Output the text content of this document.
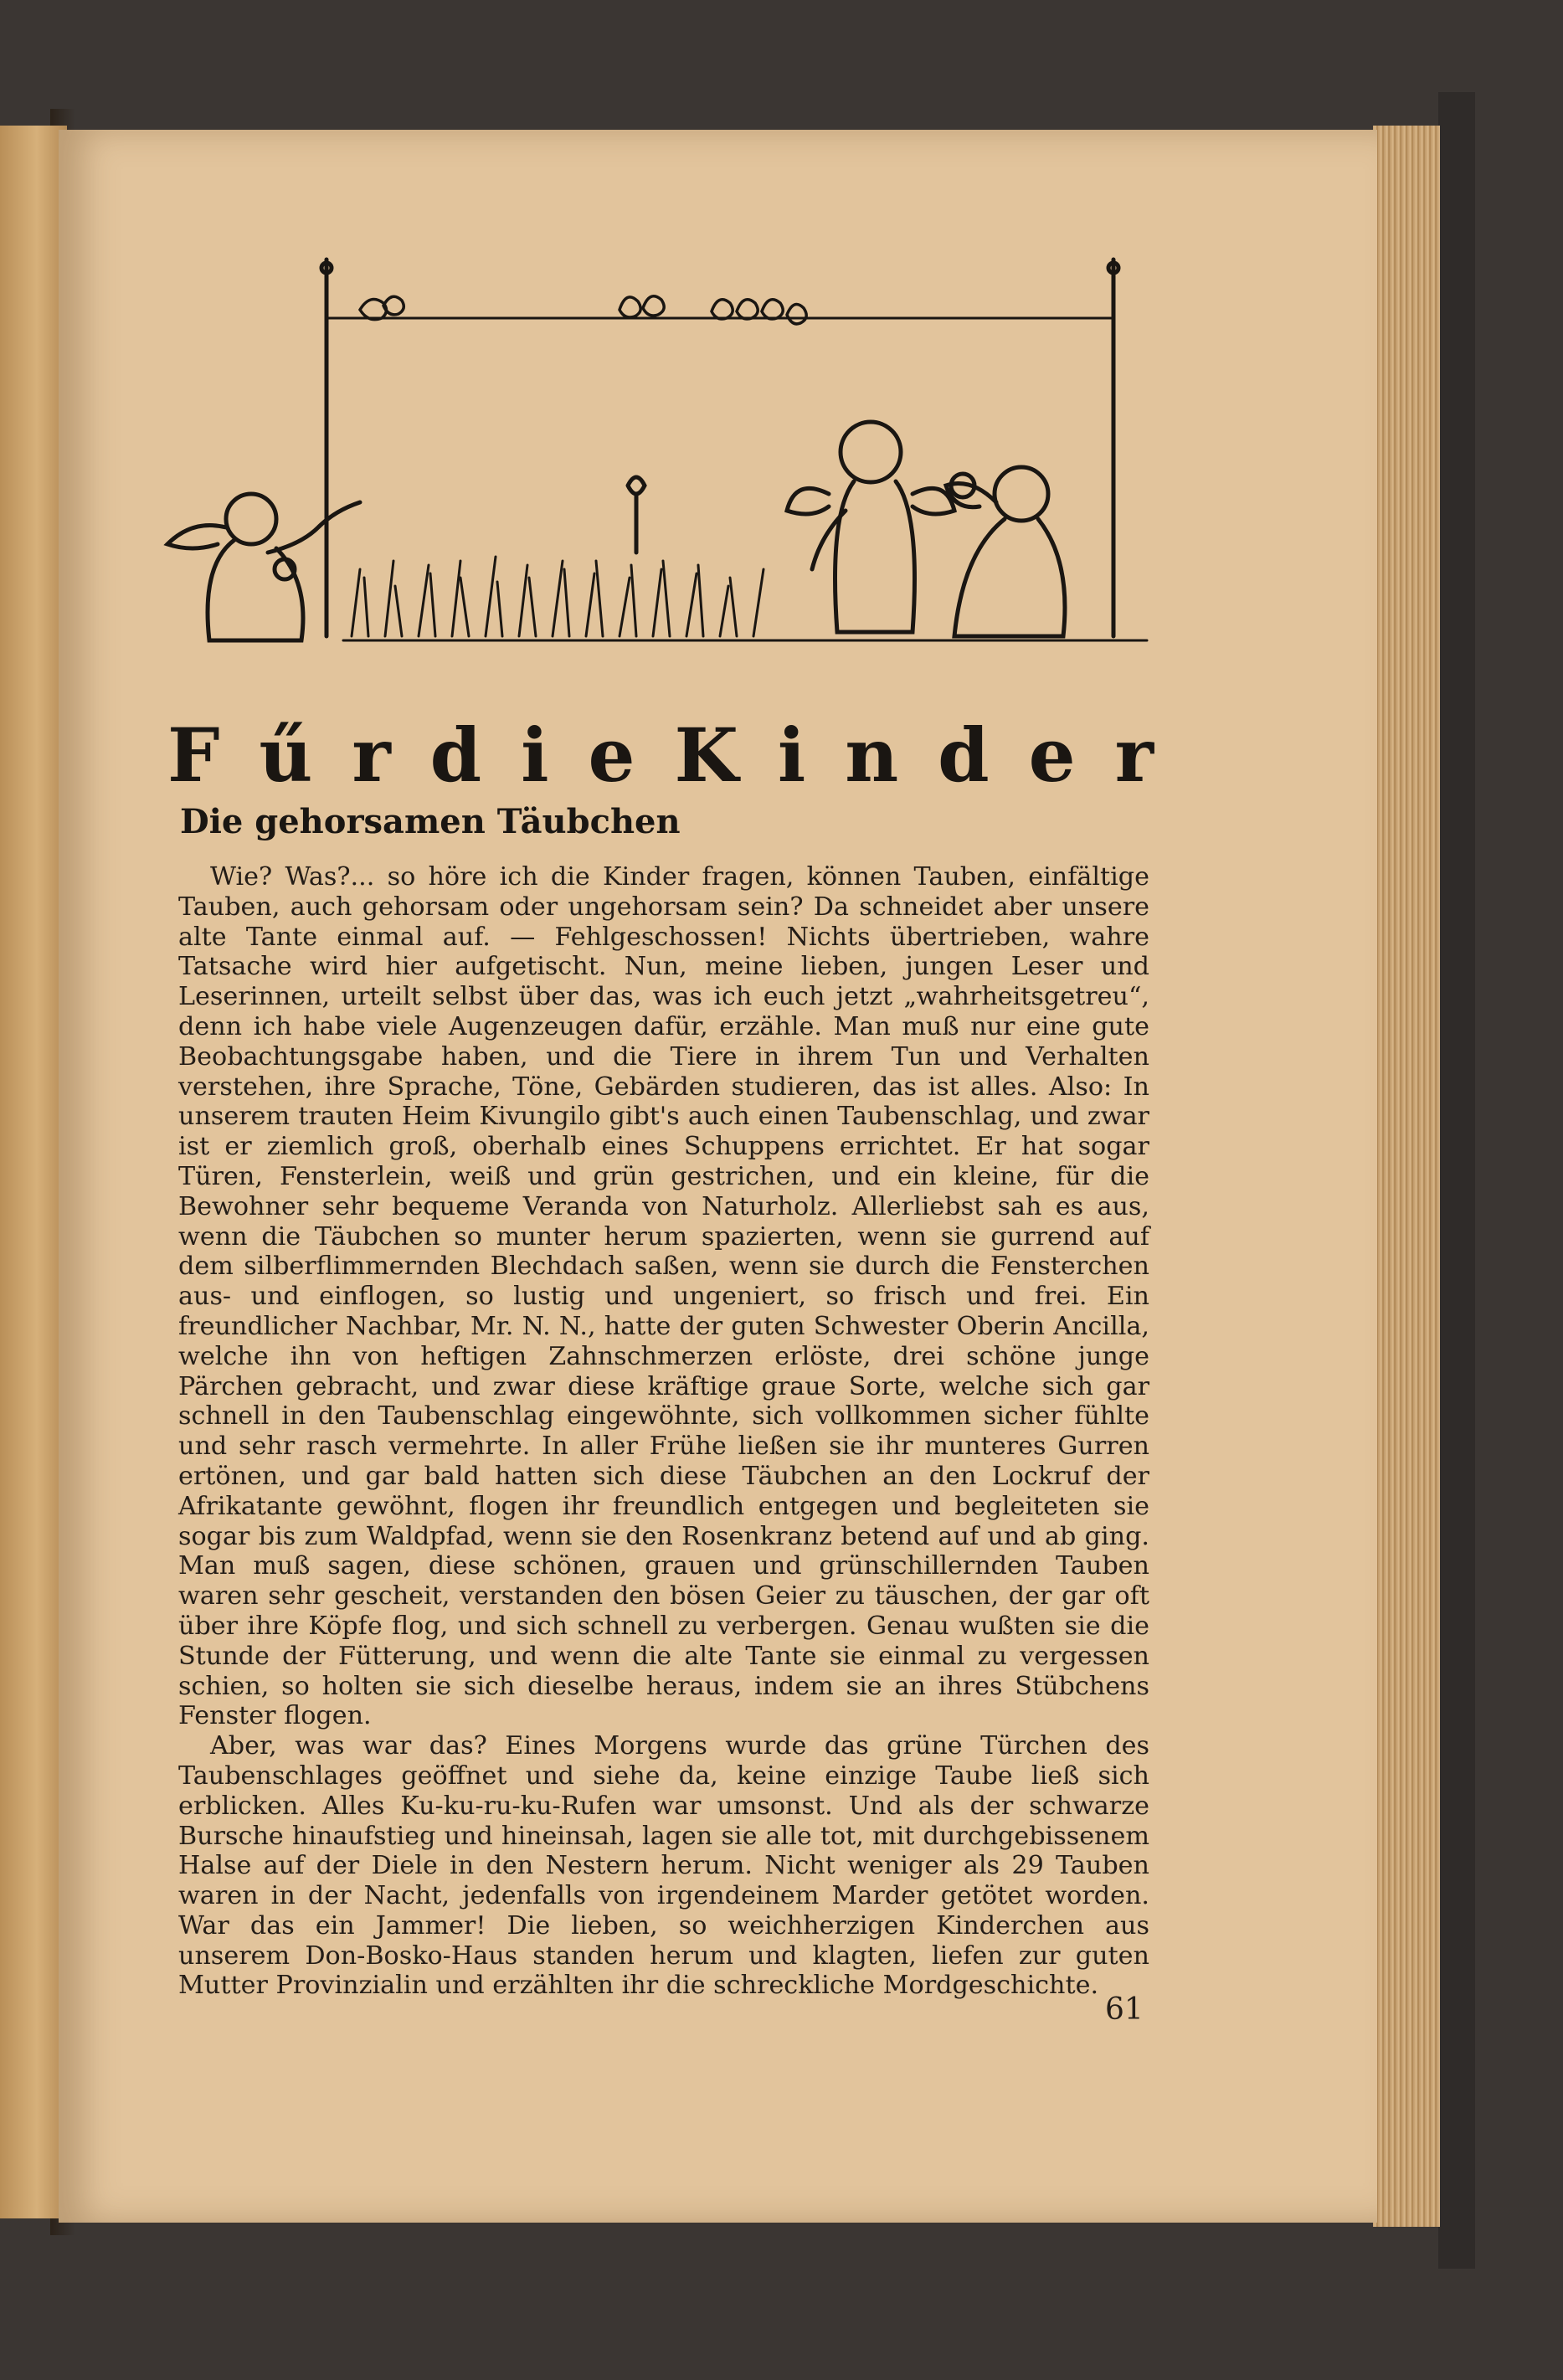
F ű r d i e K i n d e r
Die gehorsamen Täubchen

Wie? Was?... so höre ich die Kinder fragen, können Tauben, einfältige Tauben, auch gehorsam oder ungehorsam sein? Da schneidet aber unsere alte Tante einmal auf. — Fehlgeschossen! Nichts übertrieben, wahre Tatsache wird hier aufgetischt. Nun, meine lieben, jungen Leser und Leserinnen, urteilt selbst über das, was ich euch jetzt „wahrheitsgetreu“, denn ich habe viele Augenzeugen dafür, erzähle. Man muß nur eine gute Beobachtungsgabe haben, und die Tiere in ihrem Tun und Verhalten verstehen, ihre Sprache, Töne, Gebärden studieren, das ist alles. Also: In unserem trauten Heim Kivungilo gibt's auch einen Taubenschlag, und zwar ist er ziemlich groß, oberhalb eines Schuppens errichtet. Er hat sogar Türen, Fensterlein, weiß und grün gestrichen, und ein kleine, für die Bewohner sehr bequeme Veranda von Naturholz. Allerliebst sah es aus, wenn die Täubchen so munter herum spazierten, wenn sie gurrend auf dem silberflimmernden Blechdach saßen, wenn sie durch die Fensterchen aus- und einflogen, so lustig und ungeniert, so frisch und frei. Ein freundlicher Nachbar, Mr. N. N., hatte der guten Schwester Oberin Ancilla, welche ihn von heftigen Zahnschmerzen erlöste, drei schöne junge Pärchen gebracht, und zwar diese kräftige graue Sorte, welche sich gar schnell in den Taubenschlag eingewöhnte, sich vollkommen sicher fühlte und sehr rasch vermehrte. In aller Frühe ließen sie ihr munteres Gurren ertönen, und gar bald hatten sich diese Täubchen an den Lockruf der Afrikatante gewöhnt, flogen ihr freundlich entgegen und begleiteten sie sogar bis zum Waldpfad, wenn sie den Rosenkranz betend auf und ab ging. Man muß sagen, diese schönen, grauen und grünschillernden Tauben waren sehr gescheit, verstanden den bösen Geier zu täuschen, der gar oft über ihre Köpfe flog, und sich schnell zu verbergen. Genau wußten sie die Stunde der Fütterung, und wenn die alte Tante sie einmal zu vergessen schien, so holten sie sich dieselbe heraus, indem sie an ihres Stübchens Fenster flogen.

Aber, was war das? Eines Morgens wurde das grüne Türchen des Taubenschlages geöffnet und siehe da, keine einzige Taube ließ sich erblicken. Alles Ku-ku-ru-ku-Rufen war umsonst. Und als der schwarze Bursche hinaufstieg und hineinsah, lagen sie alle tot, mit durchgebissenem Halse auf der Diele in den Nestern herum. Nicht weniger als 29 Tauben waren in der Nacht, jedenfalls von irgendeinem Marder getötet worden. War das ein Jammer! Die lieben, so weichherzigen Kinderchen aus unserem Don-Bosko-Haus standen herum und klagten, liefen zur guten Mutter Provinzialin und erzählten ihr die schreckliche Mordgeschichte.

61
